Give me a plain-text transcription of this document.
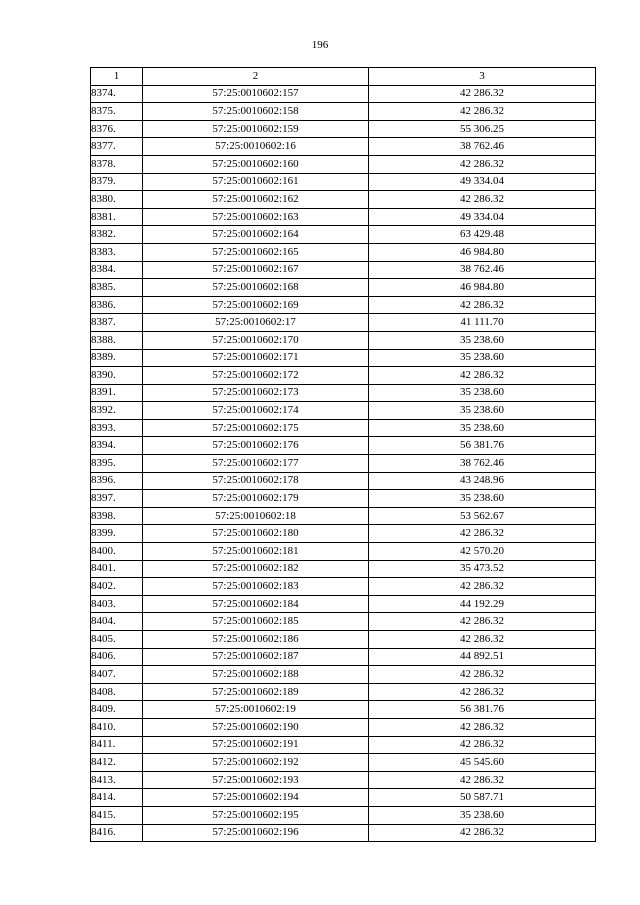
196
1	2	3
8374.	57:25:0010602:157	42 286.32
8375.	57:25:0010602:158	42 286.32
8376.	57:25:0010602:159	55 306.25
8377.	57:25:0010602:16	38 762.46
8378.	57:25:0010602:160	42 286.32
8379.	57:25:0010602:161	49 334.04
8380.	57:25:0010602:162	42 286.32
8381.	57:25:0010602:163	49 334.04
8382.	57:25:0010602:164	63 429.48
8383.	57:25:0010602:165	46 984.80
8384.	57:25:0010602:167	38 762.46
8385.	57:25:0010602:168	46 984.80
8386.	57:25:0010602:169	42 286.32
8387.	57:25:0010602:17	41 111.70
8388.	57:25:0010602:170	35 238.60
8389.	57:25:0010602:171	35 238.60
8390.	57:25:0010602:172	42 286.32
8391.	57:25:0010602:173	35 238.60
8392.	57:25:0010602:174	35 238.60
8393.	57:25:0010602:175	35 238.60
8394.	57:25:0010602:176	56 381.76
8395.	57:25:0010602:177	38 762.46
8396.	57:25:0010602:178	43 248.96
8397.	57:25:0010602:179	35 238.60
8398.	57:25:0010602:18	53 562.67
8399.	57:25:0010602:180	42 286.32
8400.	57:25:0010602:181	42 570.20
8401.	57:25:0010602:182	35 473.52
8402.	57:25:0010602:183	42 286.32
8403.	57:25:0010602:184	44 192.29
8404.	57:25:0010602:185	42 286.32
8405.	57:25:0010602:186	42 286.32
8406.	57:25:0010602:187	44 892.51
8407.	57:25:0010602:188	42 286.32
8408.	57:25:0010602:189	42 286.32
8409.	57:25:0010602:19	56 381.76
8410.	57:25:0010602:190	42 286.32
8411.	57:25:0010602:191	42 286.32
8412.	57:25:0010602:192	45 545.60
8413.	57:25:0010602:193	42 286.32
8414.	57:25:0010602:194	50 587.71
8415.	57:25:0010602:195	35 238.60
8416.	57:25:0010602:196	42 286.32
